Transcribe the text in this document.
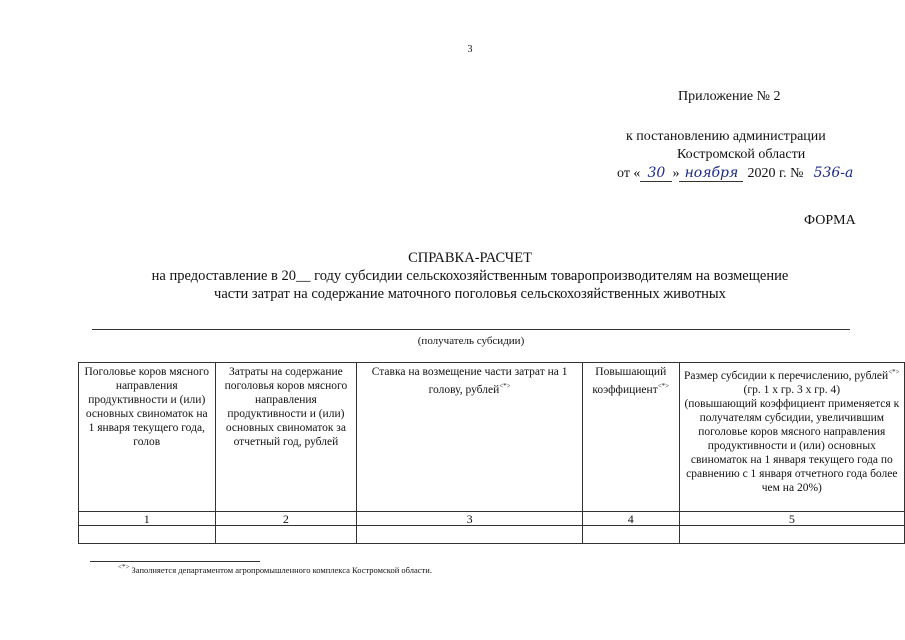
3
Приложение № 2
к постановлению администрации
Костромской области
от « 30 » ноября 2020 г. № 536-а
ФОРМА
СПРАВКА-РАСЧЕТ
на предоставление в 20__ году субсидии сельскохозяйственным товаропроизводителям на возмещение
части затрат на содержание маточного поголовья сельскохозяйственных животных
(получатель субсидии)
Поголовье коров мясного направления продуктивности и (или) основных свиноматок на 1 января текущего года, голов	Затраты на содержание поголовья коров мясного направления продуктивности и (или) основных свиноматок за отчетный год, рублей	Ставка на возмещение части затрат на 1 голову, рублей<*>	Повышающий коэффициент<*>	Размер субсидии к перечислению, рублей<*>
(гр. 1 х гр. 3 х гр. 4)
(повышающий коэффициент применяется к получателям субсидии, увеличившим поголовье коров мясного направления продуктивности и (или) основных свиноматок на 1 января текущего года по сравнению с 1 января отчетного года более чем на 20%)
1	2	3	4	5

<*> Заполняется департаментом агропромышленного комплекса Костромской области.
